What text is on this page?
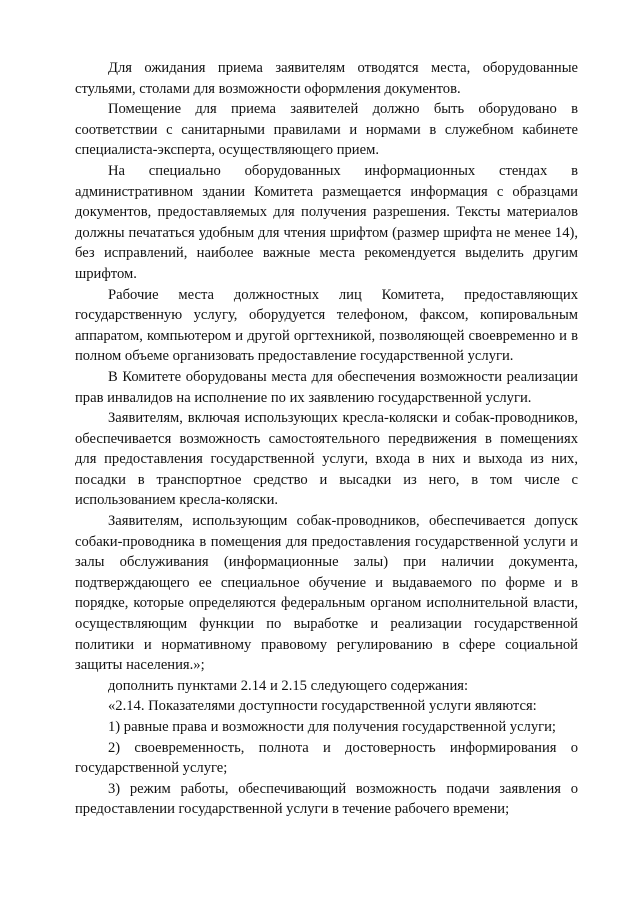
Для ожидания приема заявителям отводятся места, оборудованные стульями, столами для возможности оформления документов.

Помещение для приема заявителей должно быть оборудовано в соответствии с санитарными правилами и нормами в служебном кабинете специалиста-эксперта, осуществляющего прием.

На специально оборудованных информационных стендах в административном здании Комитета размещается информация с образцами документов, предоставляемых для получения разрешения. Тексты материалов должны печататься удобным для чтения шрифтом (размер шрифта не менее 14), без исправлений, наиболее важные места рекомендуется выделить другим шрифтом.

Рабочие места должностных лиц Комитета, предоставляющих государственную услугу, оборудуется телефоном, факсом, копировальным аппаратом, компьютером и другой оргтехникой, позволяющей своевременно и в полном объеме организовать предоставление государственной услуги.

В Комитете оборудованы места для обеспечения возможности реализации прав инвалидов на исполнение по их заявлению государственной услуги.

Заявителям, включая использующих кресла-коляски и собак-проводников, обеспечивается возможность самостоятельного передвижения в помещениях для предоставления государственной услуги, входа в них и выхода из них, посадки в транспортное средство и высадки из него, в том числе с использованием кресла-коляски.

Заявителям, использующим собак-проводников, обеспечивается допуск собаки-проводника в помещения для предоставления государственной услуги и залы обслуживания (информационные залы) при наличии документа, подтверждающего ее специальное обучение и выдаваемого по форме и в порядке, которые определяются федеральным органом исполнительной власти, осуществляющим функции по выработке и реализации государственной политики и нормативному правовому регулированию в сфере социальной защиты населения.»;

дополнить пунктами 2.14 и 2.15 следующего содержания:

«2.14. Показателями доступности государственной услуги являются:

1) равные права и возможности для получения государственной услуги;

2) своевременность, полнота и достоверность информирования о государственной услуге;

3) режим работы, обеспечивающий возможность подачи заявления о предоставлении государственной услуги в течение рабочего времени;
